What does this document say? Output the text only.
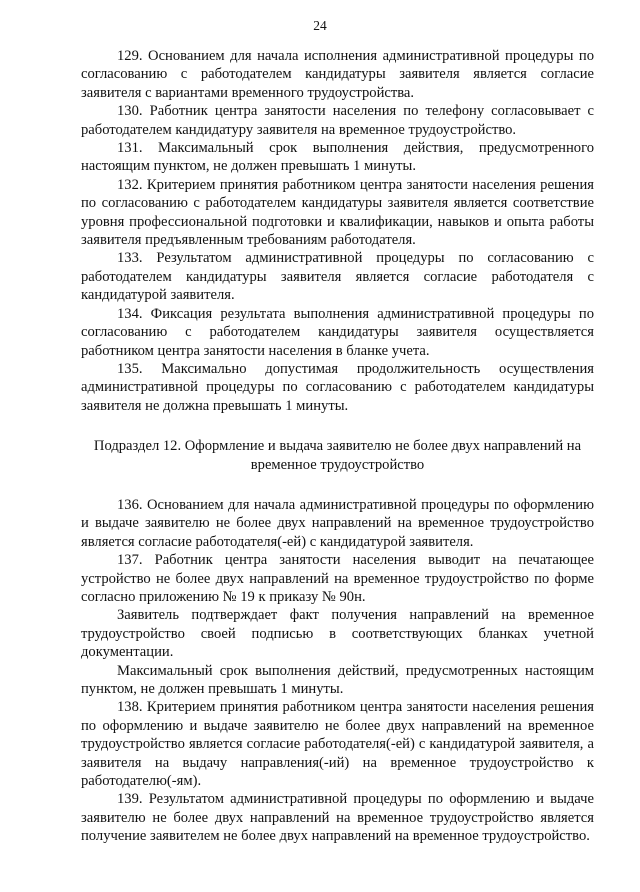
24

129. Основанием для начала исполнения административной процедуры по согласованию с работодателем кандидатуры заявителя является согласие заявителя с вариантами временного трудоустройства.

130. Работник центра занятости населения по телефону согласовывает с работодателем кандидатуру заявителя на временное трудоустройство.

131. Максимальный срок выполнения действия, предусмотренного настоящим пунктом, не должен превышать 1 минуты.

132. Критерием принятия работником центра занятости населения решения по согласованию с работодателем кандидатуры заявителя является соответствие уровня профессиональной подготовки и квалификации, навыков и опыта работы заявителя предъявленным требованиям работодателя.

133. Результатом административной процедуры по согласованию с работодателем кандидатуры заявителя является согласие работодателя с кандидатурой заявителя.

134. Фиксация результата выполнения административной процедуры по согласованию с работодателем кандидатуры заявителя осуществляется работником центра занятости населения в бланке учета.

135. Максимально допустимая продолжительность осуществления административной процедуры по согласованию с работодателем кандидатуры заявителя не должна превышать 1 минуты.

Подраздел 12. Оформление и выдача заявителю не более двух направлений на временное трудоустройство

136. Основанием для начала административной процедуры по оформлению и выдаче заявителю не более двух направлений на временное трудоустройство является согласие работодателя(-ей) с кандидатурой заявителя.

137. Работник центра занятости населения выводит на печатающее устройство не более двух направлений на временное трудоустройство по форме согласно приложению № 19 к приказу № 90н.

Заявитель подтверждает факт получения направлений на временное трудоустройство своей подписью в соответствующих бланках учетной документации.

Максимальный срок выполнения действий, предусмотренных настоящим пунктом, не должен превышать 1 минуты.

138. Критерием принятия работником центра занятости населения решения по оформлению и выдаче заявителю не более двух направлений на временное трудоустройство является согласие работодателя(-ей) с кандидатурой заявителя, а заявителя на выдачу направления(-ий) на временное трудоустройство к работодателю(-ям).

139. Результатом административной процедуры по оформлению и выдаче заявителю не более двух направлений на временное трудоустройство является получение заявителем не более двух направлений на временное трудоустройство.
